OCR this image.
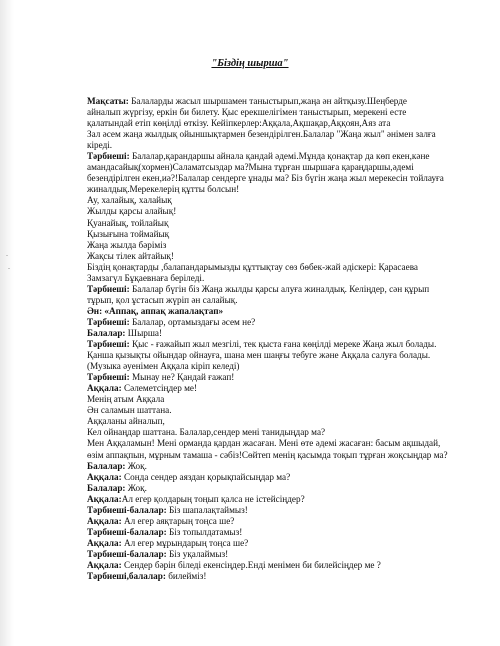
"Біздің шырша"
Мақсаты: Балаларды жасыл шыршамен таныстырып,жаңа ән айтқызу.Шеңберде
айналып жүргізу, еркін би билету. Қыс ерекшелігімен таныстырып, мерекені есте
қалатындай етіп көңілді өткізу. Кейіпкерлер:Аққала,Ақшақар,Аққоян,Аяз ата
Зал әсем жаңа жылдық ойыншықтармен безендірілген.Балалар "Жаңа жыл" әнімен залға
кіреді.
Тәрбиеші: Балалар,қарандаршы айнала қандай әдемі.Мұнда қонақтар да көп екен,кәне
амандасайық(хормен)Саламатсыздар ма?Мына тұрған шыршаға қараңдаршы,әдемі
безендірілген екен,иә?!Балалар сендерге ұнады ма? Біз бүгін жаңа жыл мерекесін тойлауға
жиналдық.Мерекелерің құтты болсын!
Ау, халайық, халайық
Жылды қарсы алайық!
Қуанайық, тойлайық
Қызығына тоймайық
Жаңа жылда бәріміз
Жақсы тілек айтайық!
Біздің қонақтарды ,балапандарымызды құттықтау сөз бөбек-жай әдіскері: Қарасаева
Замзагүл Бұқаевнаға беріледі.
Тәрбиеші: Балалар бүгін біз Жаңа жылды қарсы алуға жиналдық. Келіңдер, сән құрып
тұрып, қол ұстасып жүріп ән салайық.
Ән: «Аппақ, аппақ жапалақтап»
Тәрбиеші: Балалар, ортамыздағы әсем не?
Балалар: Шырша!
Тәрбиеші: Қыс - ғажайып жыл мезгілі, тек қыста ғана көңілді мереке Жаңа жыл болады.
Қанша қызықты ойындар ойнауға, шана мен шаңғы тебуге және Аққала салуға болады.
(Музыка әуенімен Аққала кіріп келеді)
Тәрбиеші: Мынау не? Қандай ғажап!
Аққала: Сәлеметсіңдер ме!
Менің атым Аққала
Ән саламын шаттана.
Аққаланы айналып,
Кел ойнаңдар шаттана. Балалар,сендер мені танидыңдар ма?
Мен Аққаламын! Мені орманда қардан жасаған. Мені өте әдемі жасаған: басым ақшыдай,
өзім аппақпын, мұрным тамаша - сәбіз!Сөйтеп менің қасымда тоқып тұрған жоқсыңдар ма?
Балалар: Жоқ.
Аққала: Сонда сендер аяздан қорықпайсыңдар ма?
Балалар: Жоқ.
Аққала:Ал егер қолдарың тоңып қалса не істейсіңдер?
Тәрбиеші-балалар: Біз шапалақтаймыз!
Аққала: Ал егер аяқтарың тоңса ше?
Тәрбиеші-балалар: Біз топылдатамыз!
Аққала: Ал егер мұрындарың тоңса ше?
Тәрбиеші-балалар: Біз уқалаймыз!
Аққала: Сендер бәрін біледі екенсіңдер.Енді менімен би билейсіңдер ме ?
Тәрбиеші,балалар: билейміз!
